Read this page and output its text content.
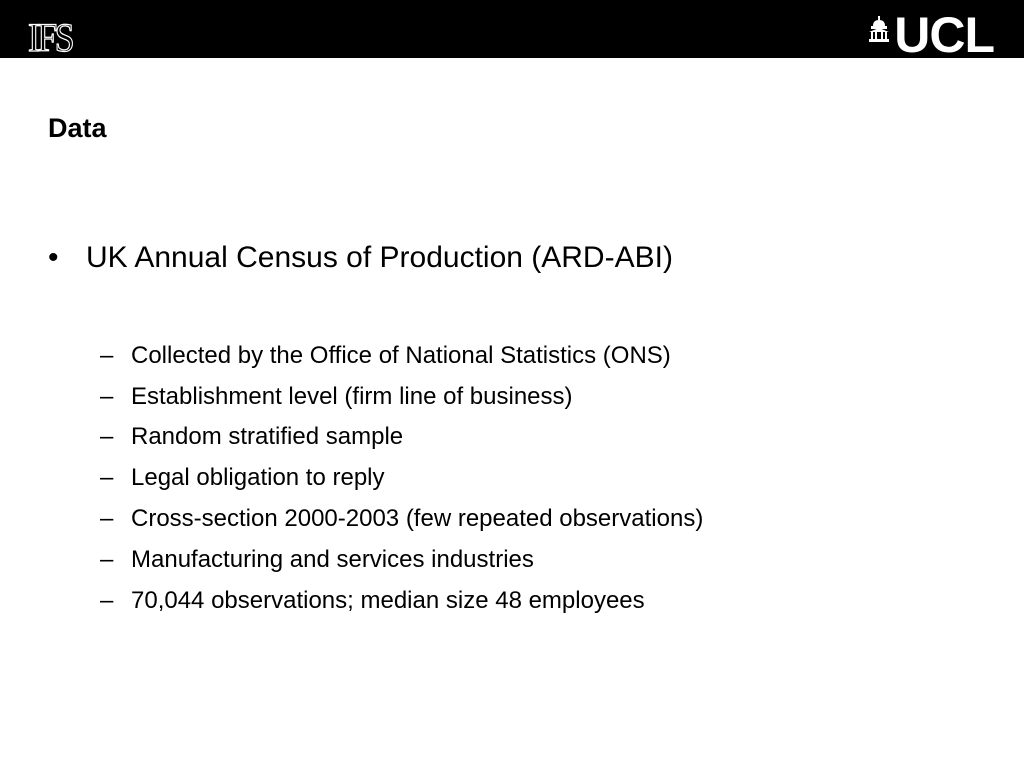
IFS	UCL
Data
• UK Annual Census of Production (ARD-ABI)
– Collected by the Office of National Statistics (ONS)
– Establishment level (firm line of business)
– Random stratified sample
– Legal obligation to reply
– Cross-section 2000-2003 (few repeated observations)
– Manufacturing and services industries
– 70,044 observations; median size 48 employees
